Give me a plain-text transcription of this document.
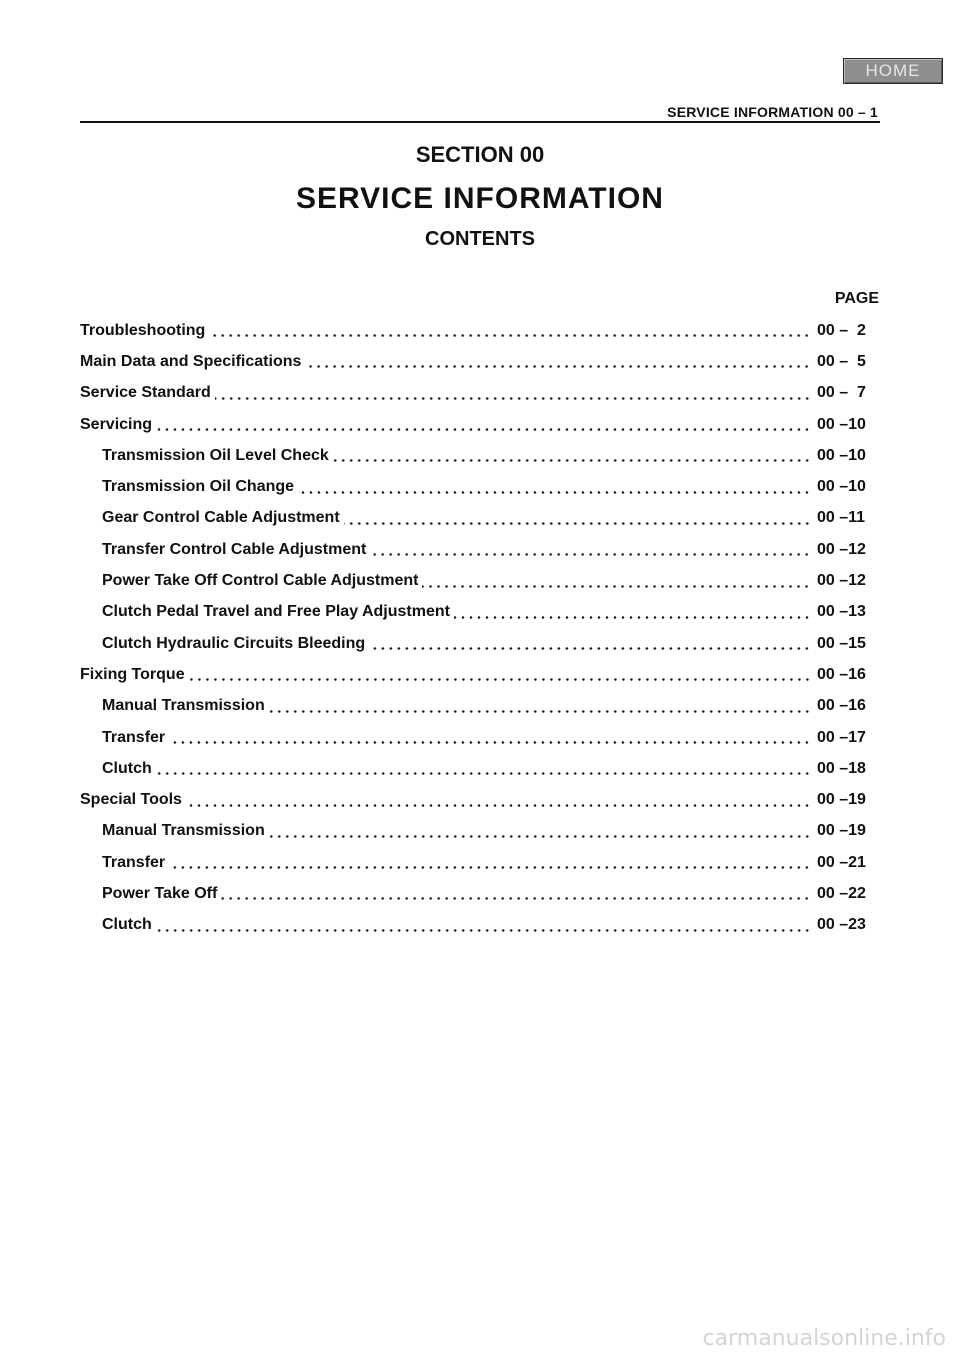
HOME
SERVICE INFORMATION 00 – 1
SECTION 00
SERVICE INFORMATION
CONTENTS
PAGE
Troubleshooting	00 –  2
Main Data and Specifications	00 –  5
Service Standard	00 –  7
Servicing	00 –10
Transmission Oil Level Check	00 –10
Transmission Oil Change	00 –10
Gear Control Cable Adjustment	00 –11
Transfer Control Cable Adjustment	00 –12
Power Take Off Control Cable Adjustment	00 –12
Clutch Pedal Travel and Free Play Adjustment	00 –13
Clutch Hydraulic Circuits Bleeding	00 –15
Fixing Torque	00 –16
Manual Transmission	00 –16
Transfer	00 –17
Clutch	00 –18
Special Tools	00 –19
Manual Transmission	00 –19
Transfer	00 –21
Power Take Off	00 –22
Clutch	00 –23
carmanualsonline.info
